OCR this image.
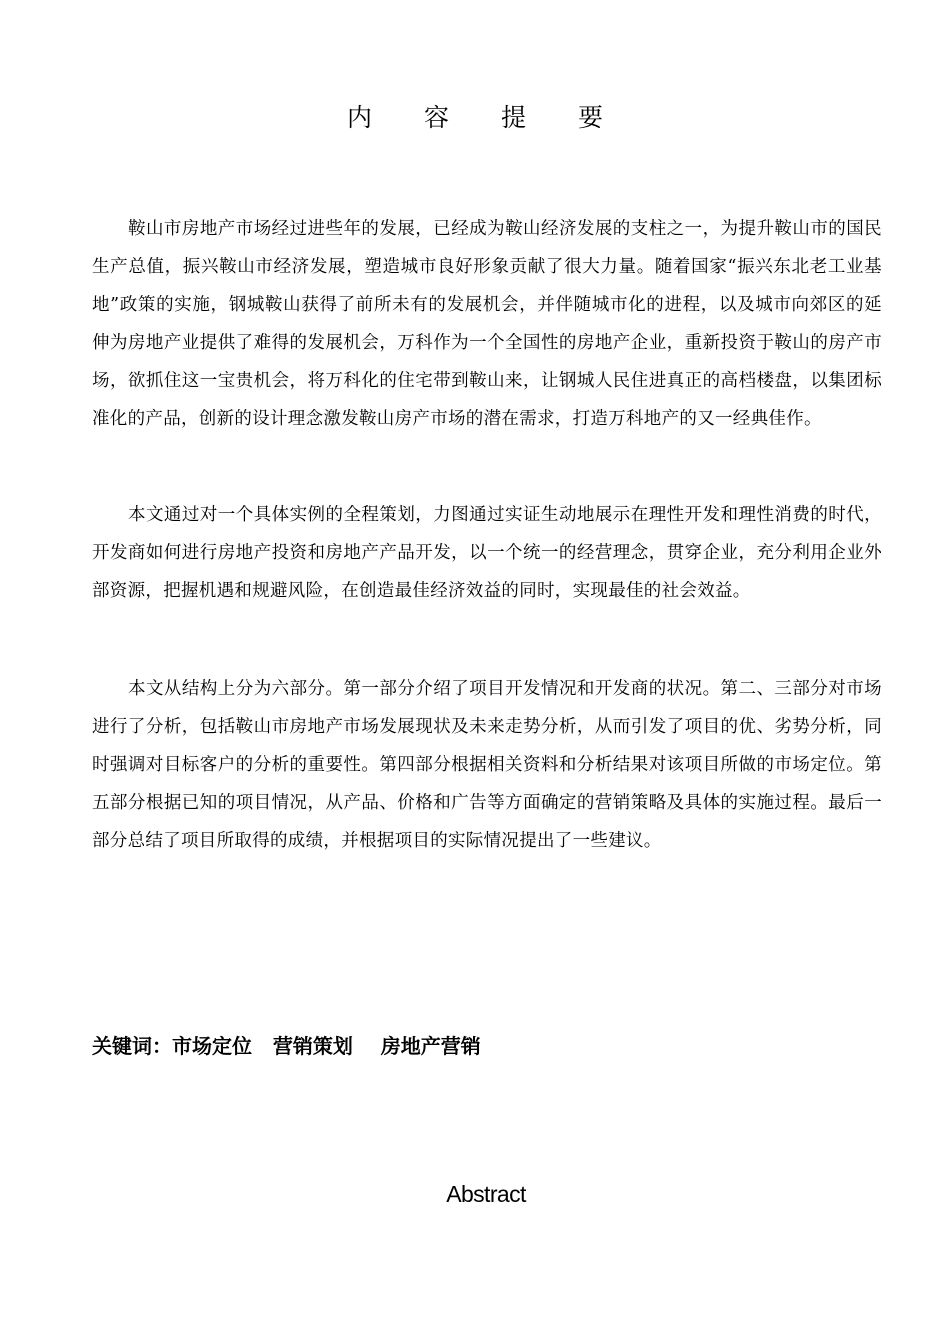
内容提要

鞍山市房地产市场经过进些年的发展，已经成为鞍山经济发展的支柱之一，为提升鞍山市的国民生产总值，振兴鞍山市经济发展，塑造城市良好形象贡献了很大力量。随着国家“振兴东北老工业基地”政策的实施，钢城鞍山获得了前所未有的发展机会，并伴随城市化的进程，以及城市向郊区的延伸为房地产业提供了难得的发展机会，万科作为一个全国性的房地产企业，重新投资于鞍山的房产市场，欲抓住这一宝贵机会，将万科化的住宅带到鞍山来，让钢城人民住进真正的高档楼盘，以集团标准化的产品，创新的设计理念激发鞍山房产市场的潜在需求，打造万科地产的又一经典佳作。

本文通过对一个具体实例的全程策划，力图通过实证生动地展示在理性开发和理性消费的时代，开发商如何进行房地产投资和房地产产品开发，以一个统一的经营理念，贯穿企业，充分利用企业外部资源，把握机遇和规避风险，在创造最佳经济效益的同时，实现最佳的社会效益。

本文从结构上分为六部分。第一部分介绍了项目开发情况和开发商的状况。第二、三部分对市场进行了分析，包括鞍山市房地产市场发展现状及未来走势分析，从而引发了项目的优、劣势分析，同时强调对目标客户的分析的重要性。第四部分根据相关资料和分析结果对该项目所做的市场定位。第五部分根据已知的项目情况，从产品、价格和广告等方面确定的营销策略及具体的实施过程。最后一部分总结了项目所取得的成绩，并根据项目的实际情况提出了一些建议。

关键词：市场定位   营销策划    房地产营销
Abstract
